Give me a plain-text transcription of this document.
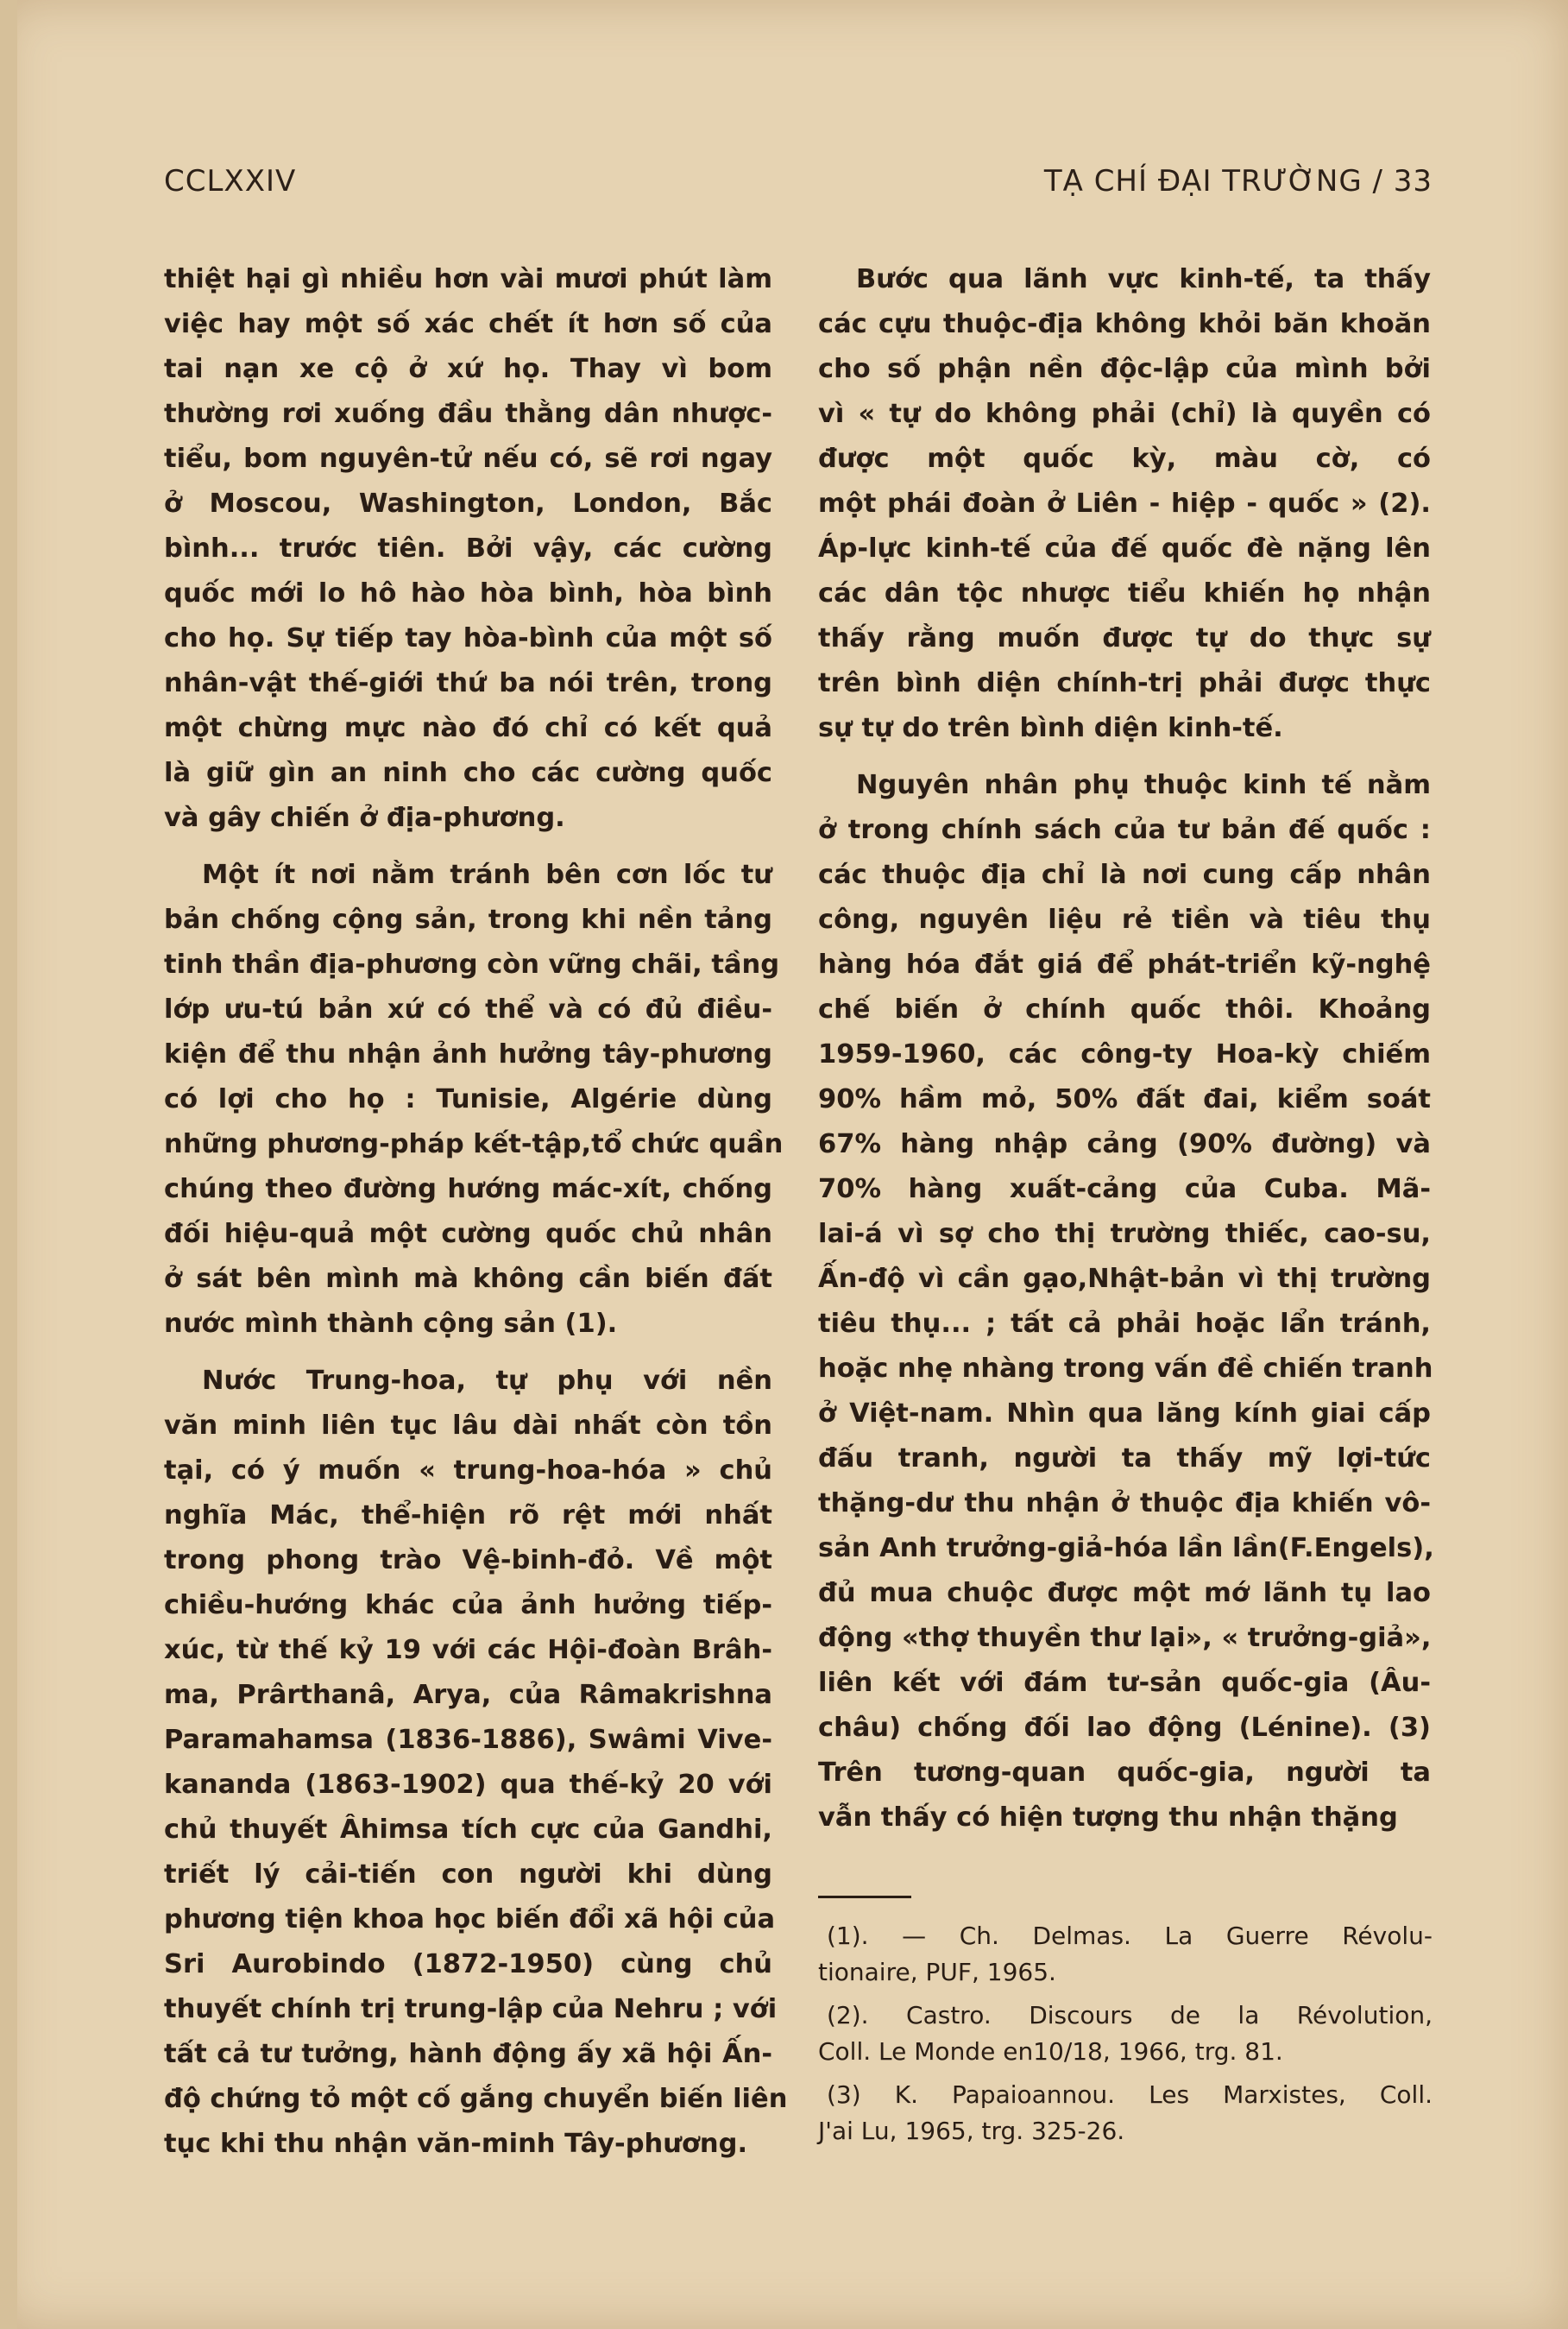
CCLXXIV	TẠ CHÍ ĐẠI TRƯỜNG / 33
thiệt hại gì nhiều hơn vài mươi phút làm
việc hay một số xác chết ít hơn số của
tai nạn xe cộ ở xứ họ. Thay vì bom
thường rơi xuống đầu thằng dân nhược-
tiểu, bom nguyên-tử nếu có, sẽ rơi ngay
ở Moscou, Washington, London, Bắc
bình... trước tiên. Bởi vậy, các cường
quốc mới lo hô hào hòa bình, hòa bình
cho họ. Sự tiếp tay hòa-bình của một số
nhân-vật thế-giới thứ ba nói trên, trong
một chừng mực nào đó chỉ có kết quả
là giữ gìn an ninh cho các cường quốc
và gây chiến ở địa-phương.
Một ít nơi nằm tránh bên cơn lốc tư
bản chống cộng sản, trong khi nền tảng
tinh thần địa-phương còn vững chãi, tầng
lớp ưu-tú bản xứ có thể và có đủ điều-
kiện để thu nhận ảnh hưởng tây-phương
có lợi cho họ : Tunisie, Algérie dùng
những phương-pháp kết-tập,tổ chức quần
chúng theo đường hướng mác-xít, chống
đối hiệu-quả một cường quốc chủ nhân
ở sát bên mình mà không cần biến đất
nước mình thành cộng sản (1).
Nước Trung-hoa, tự phụ với nền
văn minh liên tục lâu dài nhất còn tồn
tại, có ý muốn « trung-hoa-hóa » chủ
nghĩa Mác, thể-hiện rõ rệt mới nhất
trong phong trào Vệ-binh-đỏ. Về một
chiều-hướng khác của ảnh hưởng tiếp-
xúc, từ thế kỷ 19 với các Hội-đoàn Brâh-
ma, Prârthanâ, Arya, của Râmakrishna
Paramahamsa (1836-1886), Swâmi Vive-
kananda (1863-1902) qua thế-kỷ 20 với
chủ thuyết Âhimsa tích cực của Gandhi,
triết lý cải-tiến con người khi dùng
phương tiện khoa học biến đổi xã hội của
Sri Aurobindo (1872-1950) cùng chủ
thuyết chính trị trung-lập của Nehru ; với
tất cả tư tưởng, hành động ấy xã hội Ấn-
độ chứng tỏ một cố gắng chuyển biến liên
tục khi thu nhận văn-minh Tây-phương.
Bước qua lãnh vực kinh-tế, ta thấy
các cựu thuộc-địa không khỏi băn khoăn
cho số phận nền độc-lập của mình bởi
vì « tự do không phải (chỉ) là quyền có
được một quốc kỳ, màu cờ, có
một phái đoàn ở Liên - hiệp - quốc » (2).
Áp-lực kinh-tế của đế quốc đè nặng lên
các dân tộc nhược tiểu khiến họ nhận
thấy rằng muốn được tự do thực sự
trên bình diện chính-trị phải được thực
sự tự do trên bình diện kinh-tế.
Nguyên nhân phụ thuộc kinh tế nằm
ở trong chính sách của tư bản đế quốc :
các thuộc địa chỉ là nơi cung cấp nhân
công, nguyên liệu rẻ tiền và tiêu thụ
hàng hóa đắt giá để phát-triển kỹ-nghệ
chế biến ở chính quốc thôi. Khoảng
1959-1960, các công-ty Hoa-kỳ chiếm
90% hầm mỏ, 50% đất đai, kiểm soát
67% hàng nhập cảng (90% đường) và
70% hàng xuất-cảng của Cuba. Mã-
lai-á vì sợ cho thị trường thiếc, cao-su,
Ấn-độ vì cần gạo,Nhật-bản vì thị trường
tiêu thụ... ; tất cả phải hoặc lẩn tránh,
hoặc nhẹ nhàng trong vấn đề chiến tranh
ở Việt-nam. Nhìn qua lăng kính giai cấp
đấu tranh, người ta thấy mỹ lợi-tức
thặng-dư thu nhận ở thuộc địa khiến vô-
sản Anh trưởng-giả-hóa lần lần(F.Engels),
đủ mua chuộc được một mớ lãnh tụ lao
động «thợ thuyền thư lại», « trưởng-giả»,
liên kết với đám tư-sản quốc-gia (Âu-
châu) chống đối lao động (Lénine). (3)
Trên tương-quan quốc-gia, người ta
vẫn thấy có hiện tượng thu nhận thặng
(1). — Ch. Delmas. La Guerre Révolu-
tionaire, PUF, 1965.
(2). Castro. Discours de la Révolution,
Coll. Le Monde en10/18, 1966, trg. 81.
(3) K. Papaioannou. Les Marxistes, Coll.
J'ai Lu, 1965, trg. 325-26.
